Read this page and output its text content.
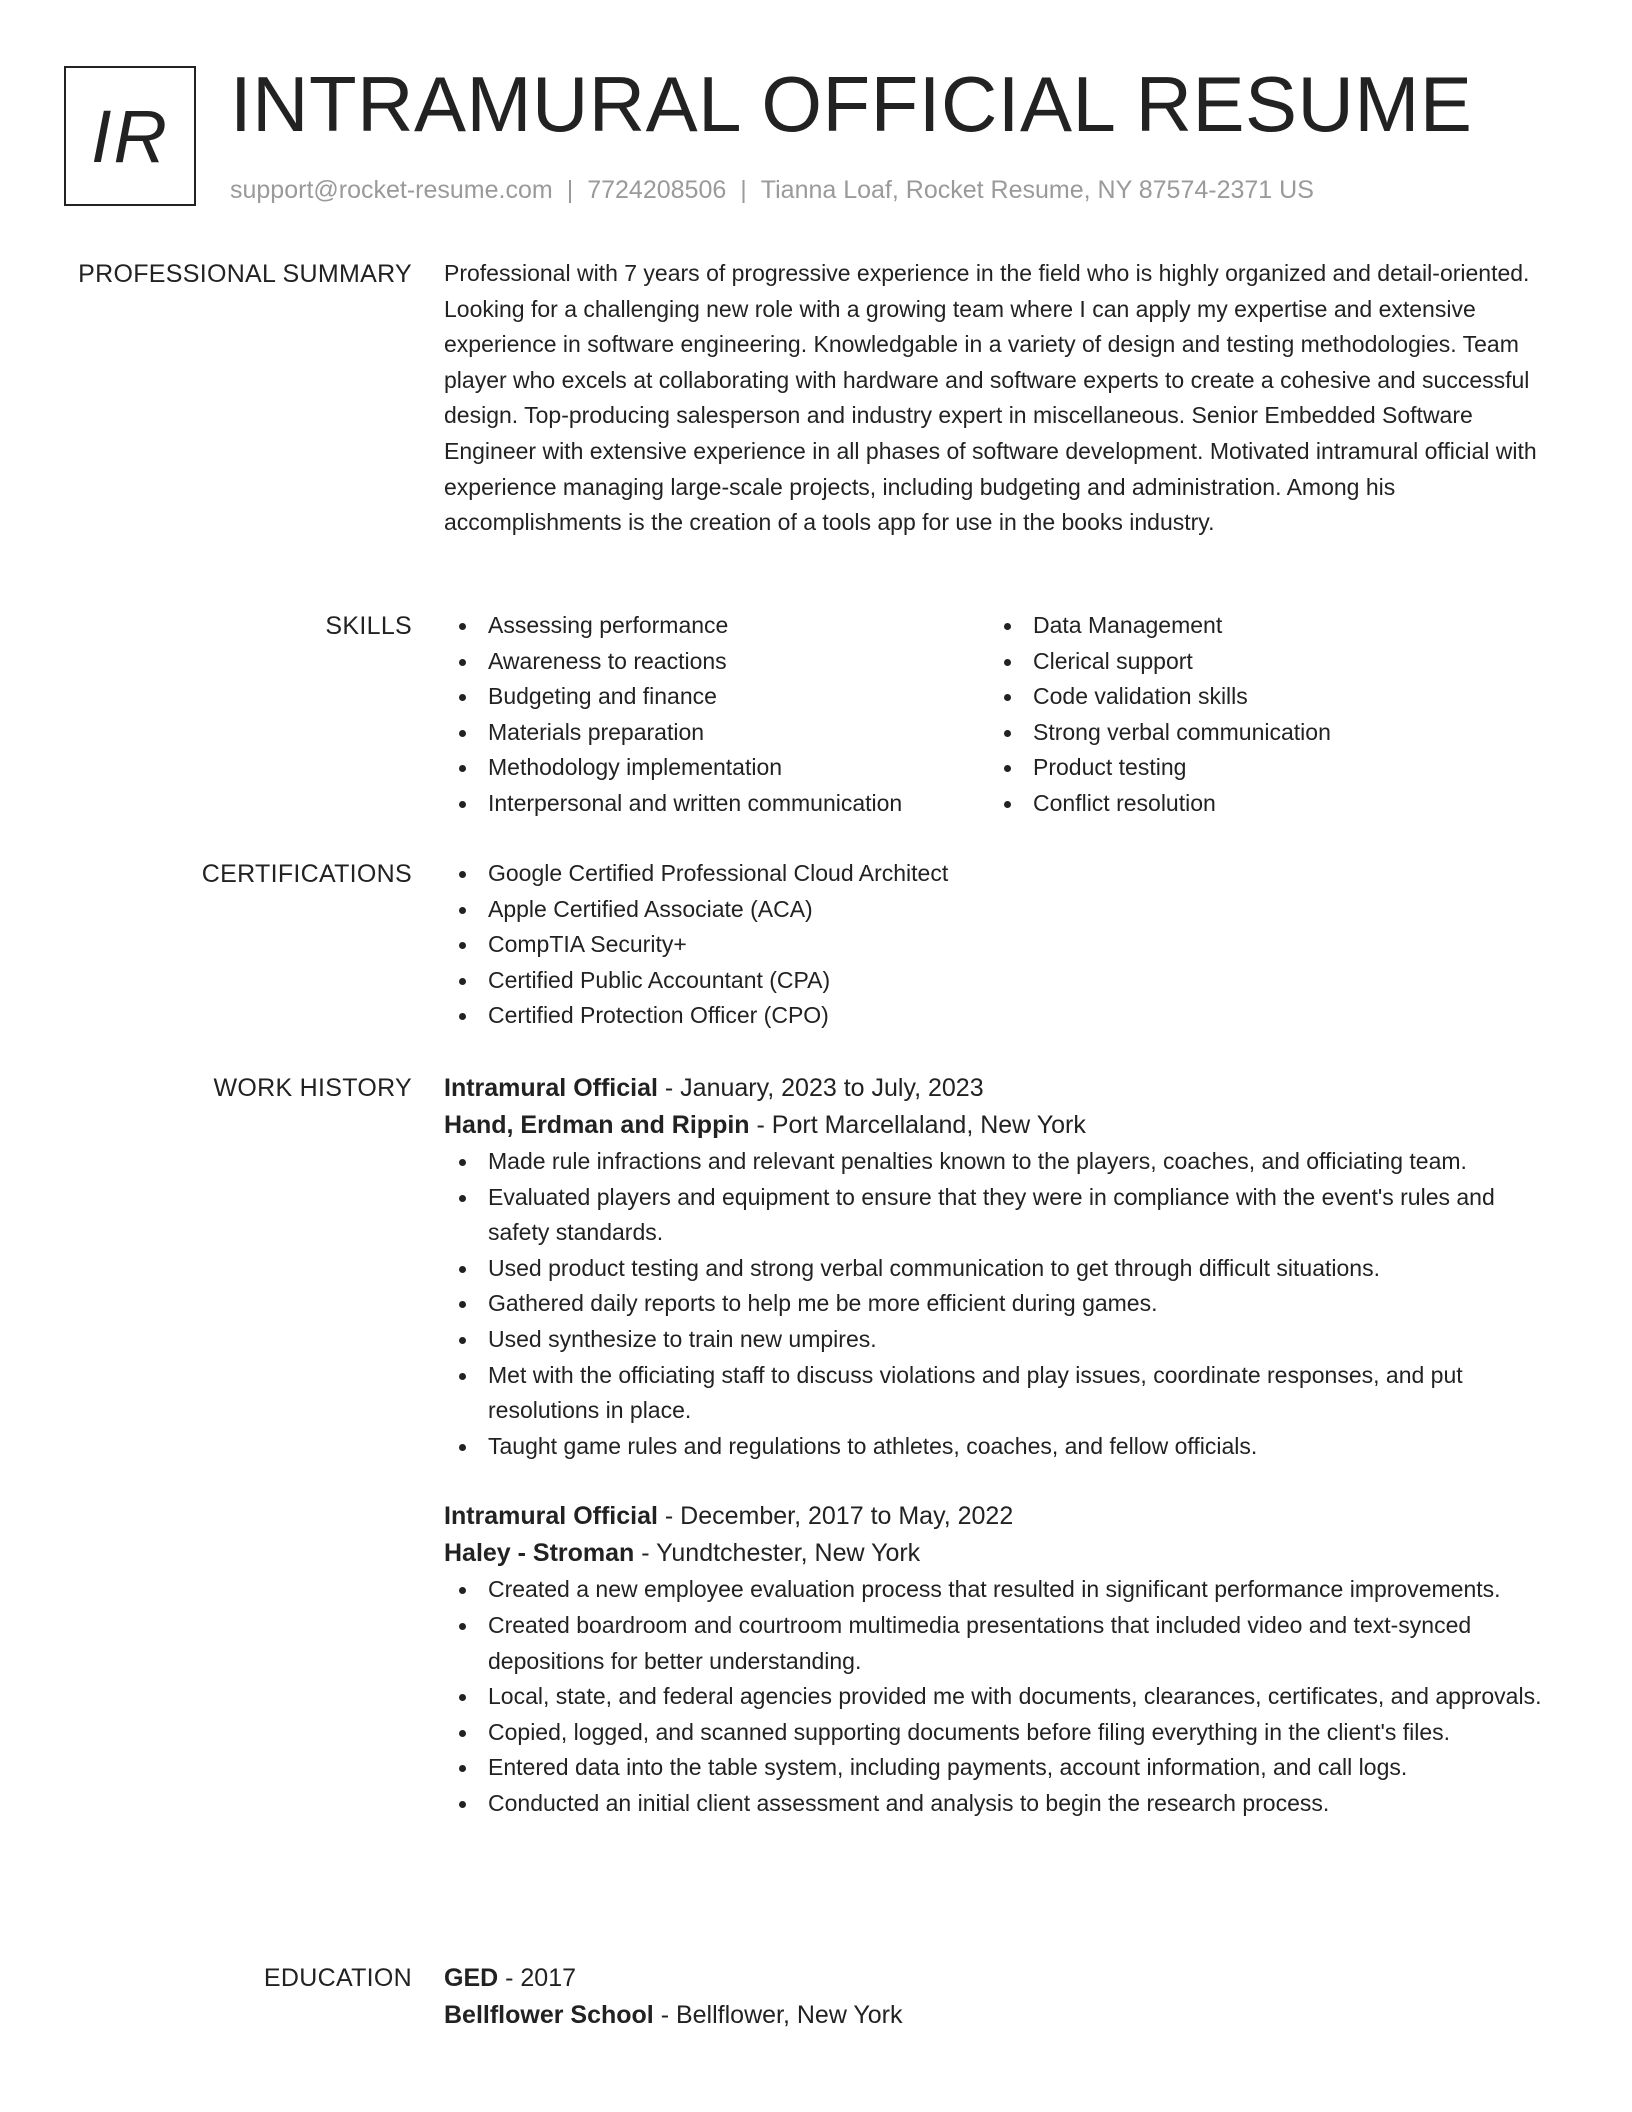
IR INTRAMURAL OFFICIAL RESUME
support@rocket-resume.com | 7724208506 | Tianna Loaf, Rocket Resume, NY 87574-2371 US
PROFESSIONAL SUMMARY Professional with 7 years of progressive experience in the field who is highly organized and detail-oriented. Looking for a challenging new role with a growing team where I can apply my expertise and extensive experience in software engineering. Knowledgable in a variety of design and testing methodologies. Team player who excels at collaborating with hardware and software experts to create a cohesive and successful design. Top-producing salesperson and industry expert in miscellaneous. Senior Embedded Software Engineer with extensive experience in all phases of software development. Motivated intramural official with experience managing large-scale projects, including budgeting and administration. Among his accomplishments is the creation of a tools app for use in the books industry.

SKILLS	Assessing performance
Awareness to reactions
Budgeting and finance
Materials preparation
Methodology implementation
Interpersonal and written communication
Data Management
Clerical support
Code validation skills
Strong verbal communication
Product testing
Conflict resolution
CERTIFICATIONS	Google Certified Professional Cloud Architect
Apple Certified Associate (ACA)
CompTIA Security+
Certified Public Accountant (CPA)
Certified Protection Officer (CPO)
WORK HISTORY Intramural Official - January, 2023 to July, 2023
Hand, Erdman and Rippin - Port Marcellaland, New York
Made rule infractions and relevant penalties known to the players, coaches, and officiating team.
Evaluated players and equipment to ensure that they were in compliance with the event's rules and safety standards.
Used product testing and strong verbal communication to get through difficult situations.
Gathered daily reports to help me be more efficient during games.
Used synthesize to train new umpires.
Met with the officiating staff to discuss violations and play issues, coordinate responses, and put resolutions in place.
Taught game rules and regulations to athletes, coaches, and fellow officials.
Intramural Official - December, 2017 to May, 2022
Haley - Stroman - Yundtchester, New York
Created a new employee evaluation process that resulted in significant performance improvements.
Created boardroom and courtroom multimedia presentations that included video and text-synced depositions for better understanding.
Local, state, and federal agencies provided me with documents, clearances, certificates, and approvals.
Copied, logged, and scanned supporting documents before filing everything in the client's files.
Entered data into the table system, including payments, account information, and call logs.
Conducted an initial client assessment and analysis to begin the research process.
EDUCATION GED - 2017
Bellflower School - Bellflower, New York
